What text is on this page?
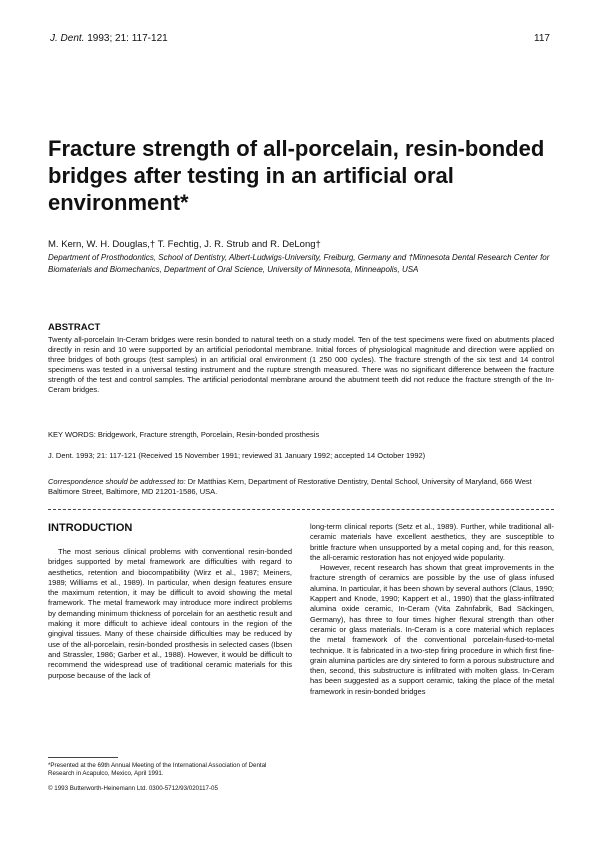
J. Dent. 1993; 21: 117-121	117
Fracture strength of all-porcelain, resin-bonded bridges after testing in an artificial oral environment*
M. Kern, W. H. Douglas,† T. Fechtig, J. R. Strub and R. DeLong†
Department of Prosthodontics, School of Dentistry, Albert-Ludwigs-University, Freiburg, Germany and †Minnesota Dental Research Center for Biomaterials and Biomechanics, Department of Oral Science, University of Minnesota, Minneapolis, USA
ABSTRACT
Twenty all-porcelain In-Ceram bridges were resin bonded to natural teeth on a study model. Ten of the test specimens were fixed on abutments placed directly in resin and 10 were supported by an artificial periodontal membrane. Initial forces of physiological magnitude and direction were applied on three bridges of both groups (test samples) in an artificial oral environment (1 250 000 cycles). The fracture strength of the six test and 14 control specimens was tested in a universal testing instrument and the rupture strength measured. There was no significant difference between the fracture strength of the test and control samples. The artificial periodontal membrane around the abutment teeth did not reduce the fracture strength of the In-Ceram bridges.
KEY WORDS: Bridgework, Fracture strength, Porcelain, Resin-bonded prosthesis
J. Dent. 1993; 21: 117-121 (Received 15 November 1991; reviewed 31 January 1992; accepted 14 October 1992)
Correspondence should be addressed to: Dr Matthias Kern, Department of Restorative Dentistry, Dental School, University of Maryland, 666 West Baltimore Street, Baltimore, MD 21201-1586, USA.
INTRODUCTION

The most serious clinical problems with conventional resin-bonded bridges supported by metal framework are difficulties with regard to aesthetics, retention and biocompatibility (Wirz et al., 1987; Meiners, 1989; Williams et al., 1989). In particular, when design features ensure the maximum retention, it may be difficult to avoid showing the metal framework. The metal framework may introduce more indirect problems by demanding minimum thickness of porcelain for an aesthetic result and making it more difficult to achieve ideal contours in the region of the gingival tissues. Many of these chairside difficulties may be reduced by use of the all-porcelain, resin-bonded prosthesis in selected cases (Ibsen and Strassler, 1986; Garber et al., 1988). However, it would be difficult to recommend the widespread use of traditional ceramic materials for this purpose because of the lack of

long-term clinical reports (Setz et al., 1989). Further, while traditional all-ceramic materials have excellent aesthetics, they are susceptible to brittle fracture when unsupported by a metal coping and, for this reason, the all-ceramic restoration has not enjoyed wide popularity.

However, recent research has shown that great improvements in the fracture strength of ceramics are possible by the use of glass infused alumina. In particular, it has been shown by several authors (Claus, 1990; Kappert and Knode, 1990; Kappert et al., 1990) that the glass-infiltrated alumina oxide ceramic, In-Ceram (Vita Zahnfabrik, Bad Säckingen, Germany), has three to four times higher flexural strength than other ceramic or glass materials. In-Ceram is a core material which replaces the metal framework of the conventional porcelain-fused-to-metal technique. It is fabricated in a two-step firing procedure in which first fine-grain alumina particles are dry sintered to form a porous substructure and then, second, this substructure is infiltrated with molten glass. In-Ceram has been suggested as a support ceramic, taking the place of the metal framework in resin-bonded bridges

*Presented at the 69th Annual Meeting of the International Association of Dental Research in Acapulco, Mexico, April 1991.
© 1993 Butterworth-Heinemann Ltd. 0300-5712/93/020117-05
